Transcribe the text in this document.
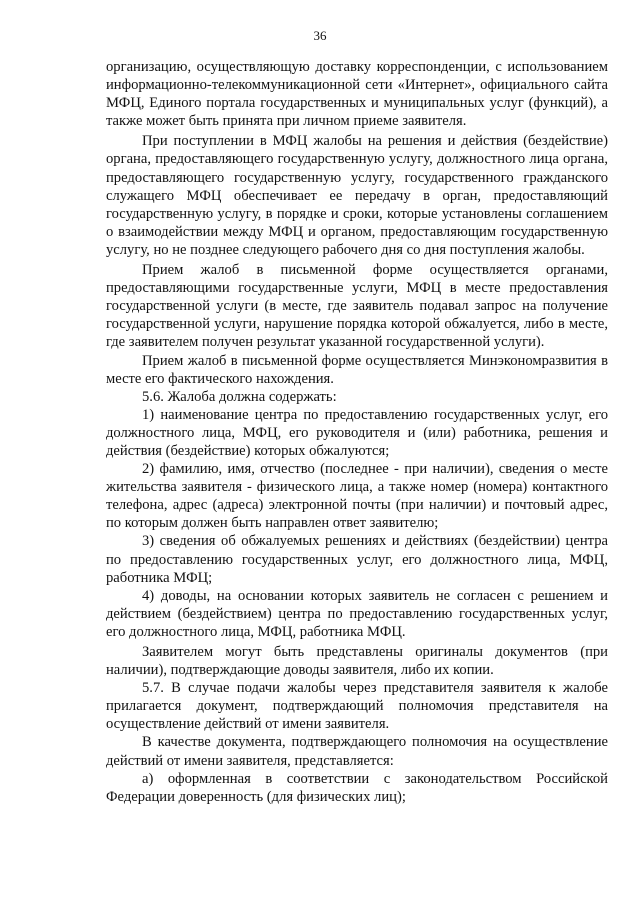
36

организацию, осуществляющую доставку корреспонденции, с использованием информационно-телекоммуникационной сети «Интернет», официального сайта МФЦ, Единого портала государственных и муниципальных услуг (функций), а также может быть принята при личном приеме заявителя.

При поступлении в МФЦ жалобы на решения и действия (бездействие) органа, предоставляющего государственную услугу, должностного лица органа, предоставляющего государственную услугу, государственного гражданского служащего МФЦ обеспечивает ее передачу в орган, предоставляющий государственную услугу, в порядке и сроки, которые установлены соглашением о взаимодействии между МФЦ и органом, предоставляющим государственную услугу, но не позднее следующего рабочего дня со дня поступления жалобы.

Прием жалоб в письменной форме осуществляется органами, предоставляющими государственные услуги, МФЦ в месте предоставления государственной услуги (в месте, где заявитель подавал запрос на получение государственной услуги, нарушение порядка которой обжалуется, либо в месте, где заявителем получен результат указанной государственной услуги).

Прием жалоб в письменной форме осуществляется Минэкономразвития в месте его фактического нахождения.

5.6. Жалоба должна содержать:

1) наименование центра по предоставлению государственных услуг, его должностного лица, МФЦ, его руководителя и (или) работника, решения и действия (бездействие) которых обжалуются;

2) фамилию, имя, отчество (последнее - при наличии), сведения о месте жительства заявителя - физического лица, а также номер (номера) контактного телефона, адрес (адреса) электронной почты (при наличии) и почтовый адрес, по которым должен быть направлен ответ заявителю;

3) сведения об обжалуемых решениях и действиях (бездействии) центра по предоставлению государственных услуг, его должностного лица, МФЦ, работника МФЦ;

4) доводы, на основании которых заявитель не согласен с решением и действием (бездействием) центра по предоставлению государственных услуг, его должностного лица, МФЦ, работника МФЦ.

Заявителем могут быть представлены оригиналы документов (при наличии), подтверждающие доводы заявителя, либо их копии.

5.7. В случае подачи жалобы через представителя заявителя к жалобе прилагается документ, подтверждающий полномочия представителя на осуществление действий от имени заявителя.

В качестве документа, подтверждающего полномочия на осуществление действий от имени заявителя, представляется:

а) оформленная в соответствии с законодательством Российской Федерации доверенность (для физических лиц);
